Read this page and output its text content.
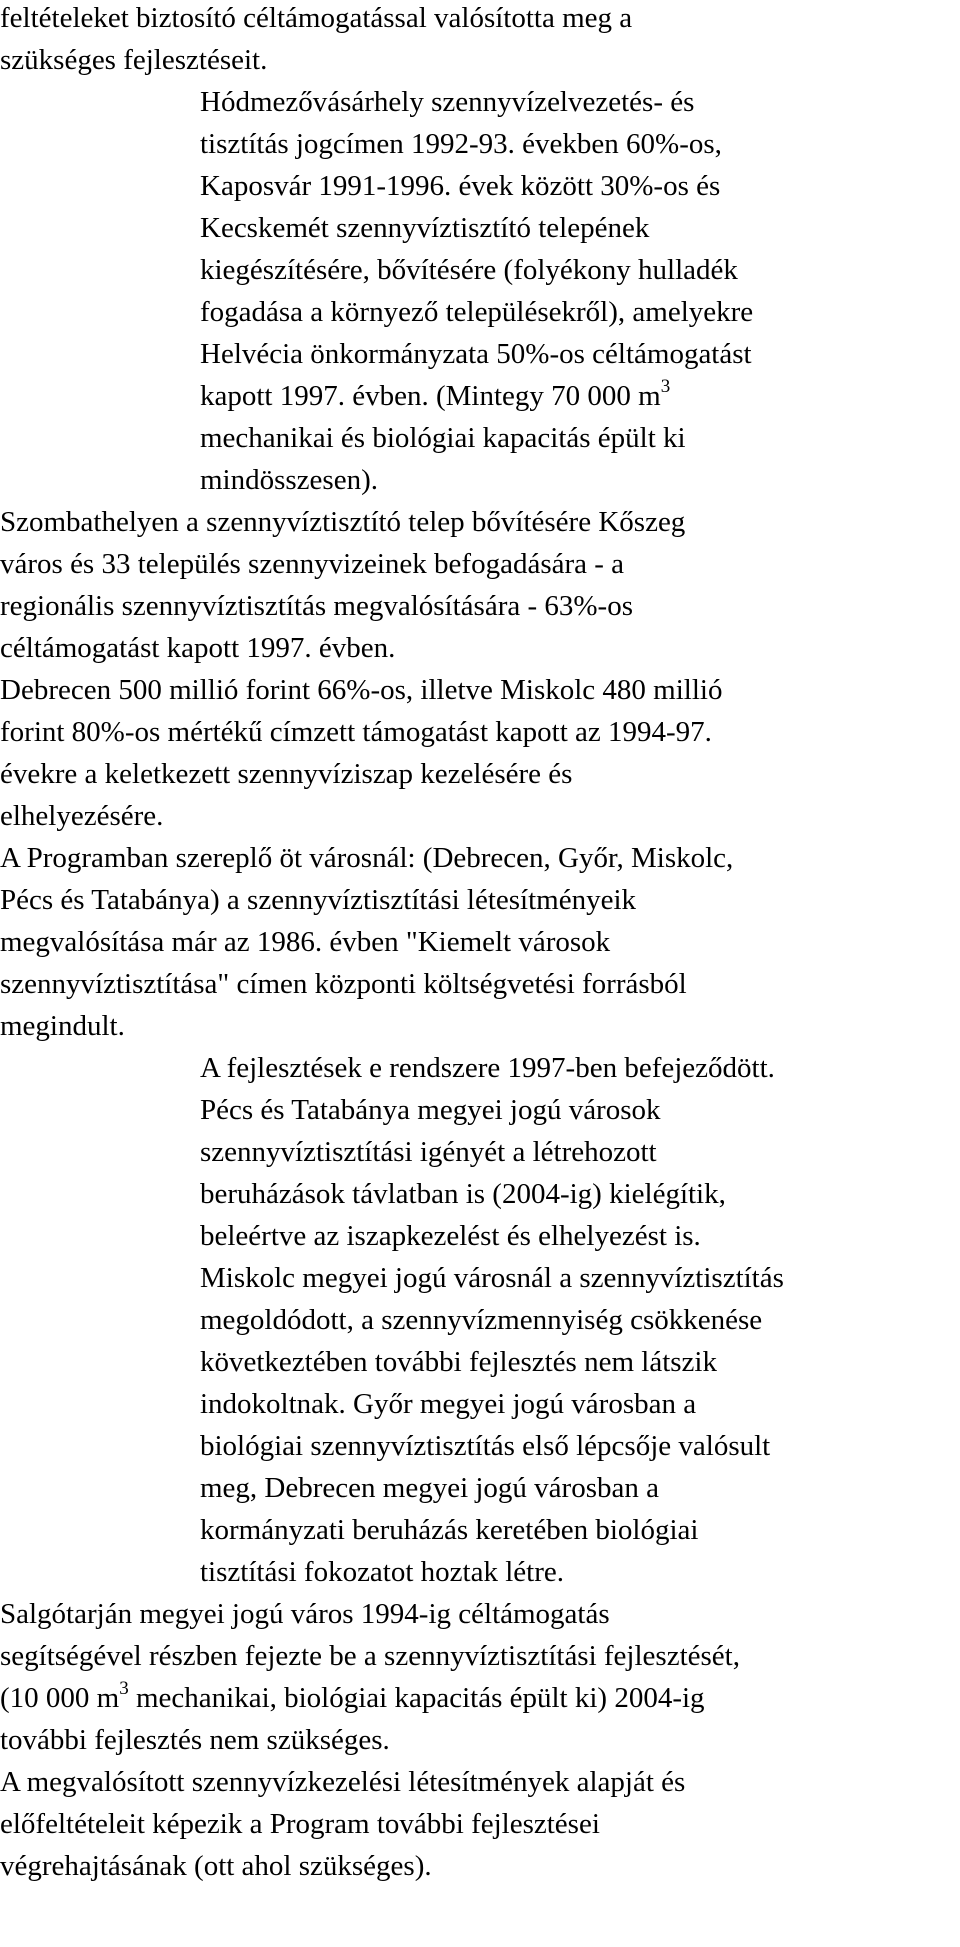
feltételeket biztosító céltámogatással valósította meg a
szükséges fejlesztéseit.
Hódmezővásárhely szennyvízelvezetés- és
tisztítás jogcímen 1992-93. években 60%-os,
Kaposvár 1991-1996. évek között 30%-os és
Kecskemét szennyvíztisztító telepének
kiegészítésére, bővítésére (folyékony hulladék
fogadása a környező településekről), amelyekre
Helvécia önkormányzata 50%-os céltámogatást
kapott 1997. évben. (Mintegy 70 000 $m^3$
mechanikai és biológiai kapacitás épült ki
mindösszesen).
Szombathelyen a szennyvíztisztító telep bővítésére Kőszeg
város és 33 település szennyvizeinek befogadására - a
regionális szennyvíztisztítás megvalósítására - 63%-os
céltámogatást kapott 1997. évben.
Debrecen 500 millió forint 66%-os, illetve Miskolc 480 millió
forint 80%-os mértékű címzett támogatást kapott az 1994-97.
évekre a keletkezett szennyvíziszap kezelésére és
elhelyezésére.
A Programban szereplő öt városnál: (Debrecen, Győr, Miskolc,
Pécs és Tatabánya) a szennyvíztisztítási létesítményeik
megvalósítása már az 1986. évben "Kiemelt városok
szennyvíztisztítása" címen központi költségvetési forrásból
megindult.
A fejlesztések e rendszere 1997-ben befejeződött.
Pécs és Tatabánya megyei jogú városok
szennyvíztisztítási igényét a létrehozott
beruházások távlatban is (2004-ig) kielégítik,
beleértve az iszapkezelést és elhelyezést is.
Miskolc megyei jogú városnál a szennyvíztisztítás
megoldódott, a szennyvízmennyiség csökkenése
következtében további fejlesztés nem látszik
indokoltnak. Győr megyei jogú városban a
biológiai szennyvíztisztítás első lépcsője valósult
meg, Debrecen megyei jogú városban a
kormányzati beruházás keretében biológiai
tisztítási fokozatot hoztak létre.
Salgótarján megyei jogú város 1994-ig céltámogatás
segítségével részben fejezte be a szennyvíztisztítási fejlesztését,
(10 000 $m^3$ mechanikai, biológiai kapacitás épült ki) 2004-ig
további fejlesztés nem szükséges.
A megvalósított szennyvízkezelési létesítmények alapját és
előfeltételeit képezik a Program további fejlesztései
végrehajtásának (ott ahol szükséges).
